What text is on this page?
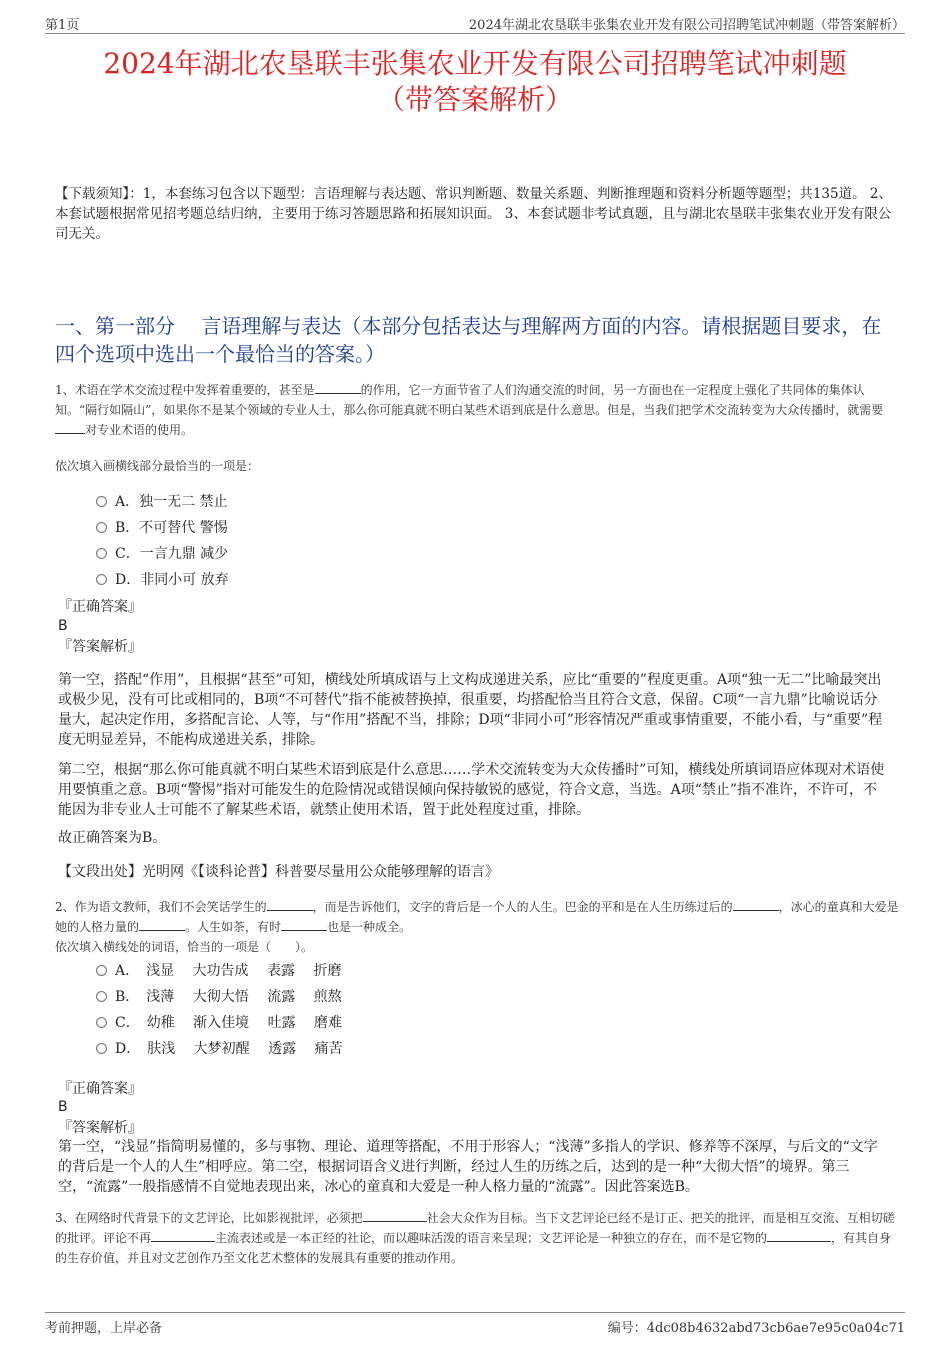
第1页	2024年湖北农垦联丰张集农业开发有限公司招聘笔试冲刺题（带答案解析）
2024年湖北农垦联丰张集农业开发有限公司招聘笔试冲刺题
（带答案解析）
【下载须知】：1，本套练习包含以下题型：言语理解与表达题、常识判断题、数量关系题、判断推理题和资料分析题等题型；共135道。 2、本套试题根据常见招考题总结归纳，主要用于练习答题思路和拓展知识面。 3、本套试题非考试真题，且与湖北农垦联丰张集农业开发有限公司无关。
一、第一部分　 言语理解与表达（本部分包括表达与理解两方面的内容。请根据题目要求，在四个选项中选出一个最恰当的答案。）
1、术语在学术交流过程中发挥着重要的，甚至是	的作用，它一方面节省了人们沟通交流的时间，另一方面也在一定程度上强化了共同体的集体认知。“隔行如隔山”，如果你不是某个领域的专业人士，那么你可能真就不明白某些术语到底是什么意思。但是，当我们把学术交流转变为大众传播时，就需要对专业术语的使用。
依次填入画横线部分最恰当的一项是：
A．独一无二 禁止
B．不可替代 警惕
C．一言九鼎 减少
D．非同小可 放弃
『正确答案』
B
『答案解析』
第一空，搭配“作用”，且根据“甚至”可知，横线处所填成语与上文构成递进关系，应比“重要的”程度更重。A项“独一无二”比喻最突出或极少见，没有可比或相同的，B项“不可替代”指不能被替换掉，很重要，均搭配恰当且符合文意，保留。C项“一言九鼎”比喻说话分量大，起决定作用，多搭配言论、人等，与“作用”搭配不当，排除；D项“非同小可”形容情况严重或事情重要，不能小看，与“重要”程度无明显差异，不能构成递进关系，排除。
第二空，根据“那么你可能真就不明白某些术语到底是什么意思……学术交流转变为大众传播时”可知，横线处所填词语应体现对术语使用要慎重之意。B项“警惕”指对可能发生的危险情况或错误倾向保持敏锐的感觉，符合文意，当选。A项“禁止”指不准许，不许可，不能因为非专业人士可能不了解某些术语，就禁止使用术语，置于此处程度过重，排除。
故正确答案为B。
【文段出处】光明网《【谈科论普】科普要尽量用公众能够理解的语言》
2、作为语文教师，我们不会笑话学生的	，而是告诉他们，文字的背后是一个人的人生。巴金的平和是在人生历练过后的	，冰心的童真和大爱是她的人格力量的	。人生如茶，有时	也是一种成全。
依次填入横线处的词语，恰当的一项是（　　）。
A．　浅显　 大功告成　 表露　 折磨
B．　浅薄　 大彻大悟　 流露　 煎熬
C．　幼稚　 渐入佳境　 吐露　 磨难
D．　肤浅　 大梦初醒　 透露　 痛苦
『正确答案』
B
『答案解析』
第一空，“浅显”指简明易懂的，多与事物、理论、道理等搭配，不用于形容人；“浅薄”多指人的学识、修养等不深厚，与后文的“文字的背后是一个人的人生”相呼应。第二空，根据词语含义进行判断，经过人生的历练之后，达到的是一种“大彻大悟”的境界。第三空，“流露”一般指感情不自觉地表现出来，冰心的童真和大爱是一种人格力量的“流露”。因此答案选B。
3、在网络时代背景下的文艺评论，比如影视批评，必须把	社会大众作为目标。当下文艺评论已经不是订正、把关的批评，而是相互交流、互相切磋的批评。评论不再	主流表述或是一本正经的社论，而以趣味活泼的语言来呈现；文艺评论是一种独立的存在，而不是它物的	，有其自身的生存价值，并且对文艺创作乃至文化艺术整体的发展具有重要的推动作用。
考前押题，上岸必备	编号：4dc08b4632abd73cb6ae7e95c0a04c71
